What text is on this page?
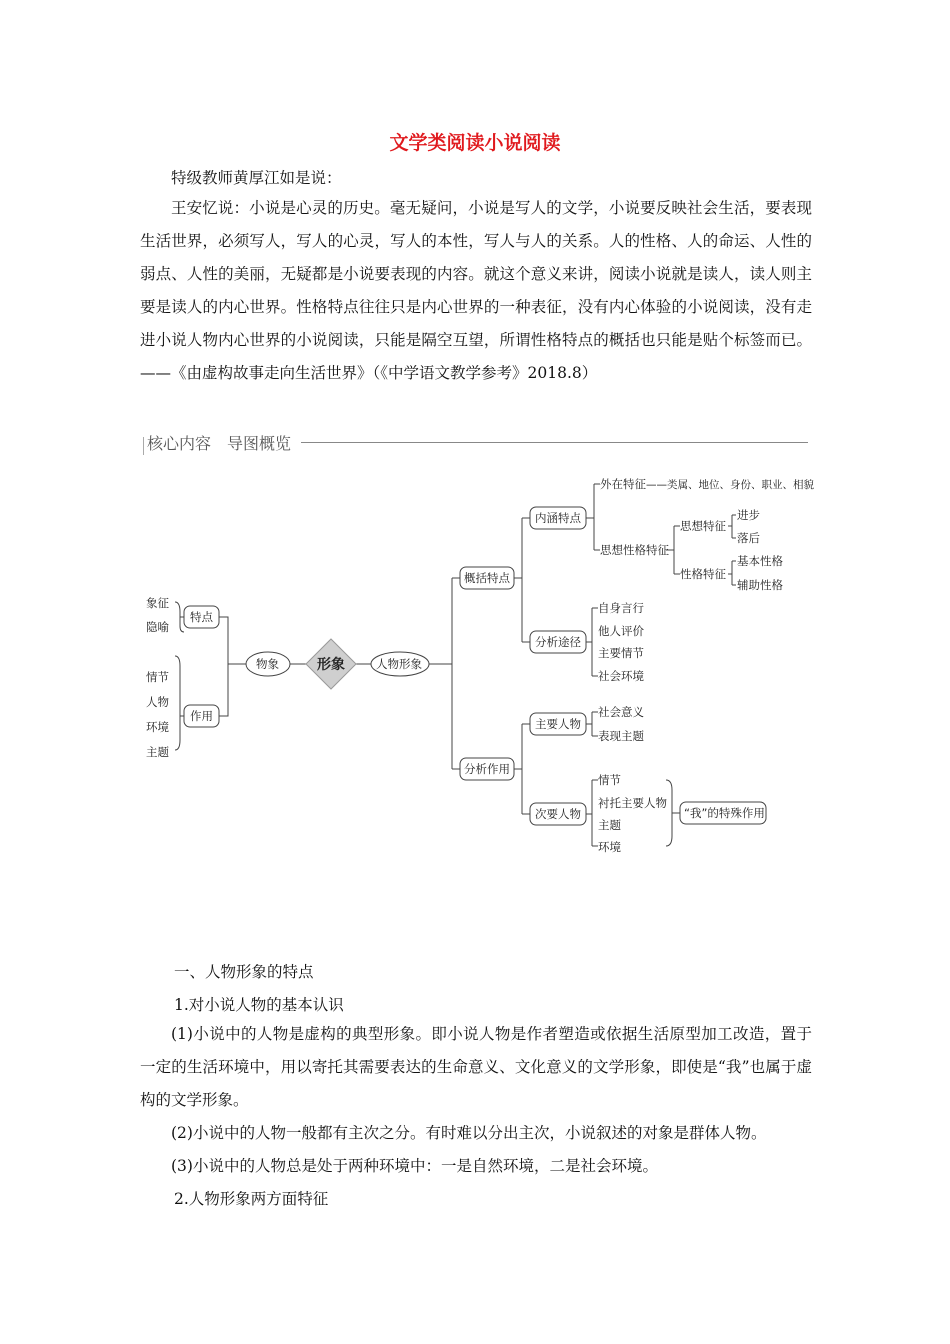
文学类阅读小说阅读
特级教师黄厚江如是说：
王安忆说：小说是心灵的历史。毫无疑问，小说是写人的文学，小说要反映社会生活，要表现生活世界，必须写人，写人的心灵，写人的本性，写人与人的关系。人的性格、人的命运、人性的弱点、人性的美丽，无疑都是小说要表现的内容。就这个意义来讲，阅读小说就是读人，读人则主要是读人的内心世界。性格特点往往只是内心世界的一种表征，没有内心体验的小说阅读，没有走进小说人物内心世界的小说阅读，只能是隔空互望，所谓性格特点的概括也只能是贴个标签而已。——《由虚构故事走向生活世界》（《中学语文教学参考》2018.8）
核心内容　导图概览
象征
隐喻
情节
人物
环境
主题
特点
作用
物象	形象	人物形象
概括特点
分析作用
内涵特点
分析途径
主要人物
次要人物
外在特征 ——类属、地位、身份、职业、相貌
思想性格特征
思想特征
性格特征
进步
落后
基本性格
辅助性格
自身言行
他人评价
主要情节
社会环境
社会意义
表现主题
情节
衬托主要人物
主题
环境
“我”的特殊作用
一、人物形象的特点
1.对小说人物的基本认识
(1)小说中的人物是虚构的典型形象。即小说人物是作者塑造或依据生活原型加工改造，置于一定的生活环境中，用以寄托其需要表达的生命意义、文化意义的文学形象，即使是“我”也属于虚构的文学形象。
(2)小说中的人物一般都有主次之分。有时难以分出主次，小说叙述的对象是群体人物。
(3)小说中的人物总是处于两种环境中：一是自然环境，二是社会环境。
2.人物形象两方面特征
